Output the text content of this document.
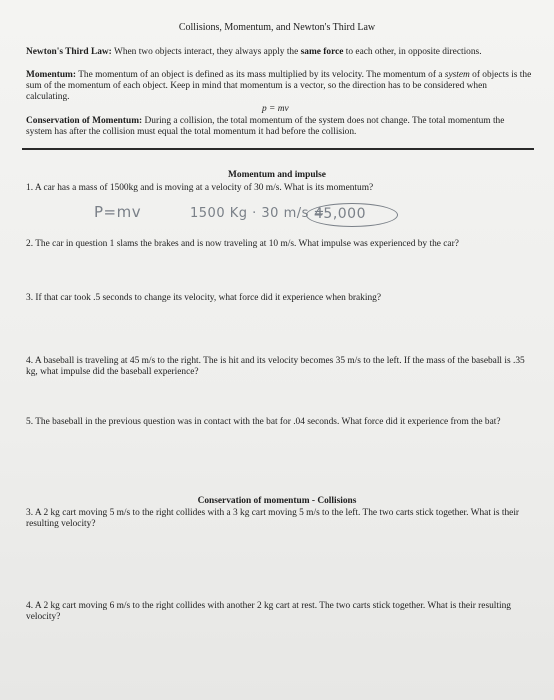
Collisions, Momentum, and Newton's Third Law
Newton's Third Law: When two objects interact, they always apply the same force to each other, in opposite directions.
Momentum: The momentum of an object is defined as its mass multiplied by its velocity. The momentum of a system of objects is the
sum of the momentum of each object. Keep in mind that momentum is a vector, so the direction has to be considered when
calculating.
p = mv
Conservation of Momentum: During a collision, the total momentum of the system does not change. The total momentum the
system has after the collision must equal the total momentum it had before the collision.
Momentum and impulse
1. A car has a mass of 1500kg and is moving at a velocity of 30 m/s. What is its momentum?
P=mv	1500 Kg · 30 m/s =
45,000
2. The car in question 1 slams the brakes and is now traveling at 10 m/s. What impulse was experienced by the car?
3. If that car took .5 seconds to change its velocity, what force did it experience when braking?
4. A baseball is traveling at 45 m/s to the right. The is hit and its velocity becomes 35 m/s to the left. If the mass of the baseball is .35
kg, what impulse did the baseball experience?
5. The baseball in the previous question was in contact with the bat for .04 seconds. What force did it experience from the bat?
Conservation of momentum - Collisions
3. A 2 kg cart moving 5 m/s to the right collides with a 3 kg cart moving 5 m/s to the left. The two carts stick together. What is their
resulting velocity?
4. A 2 kg cart moving 6 m/s to the right collides with another 2 kg cart at rest. The two carts stick together. What is their resulting
velocity?
